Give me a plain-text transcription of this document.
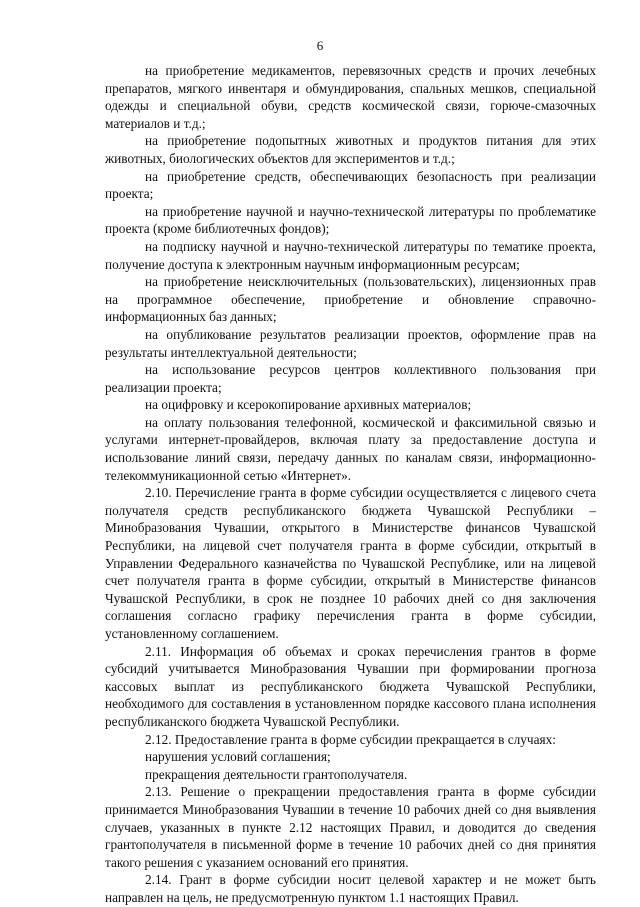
6

на приобретение медикаментов, перевязочных средств и прочих лечебных препаратов, мягкого инвентаря и обмундирования, спальных мешков, специальной одежды и специальной обуви, средств космической связи, горюче-смазочных материалов и т.д.;

на приобретение подопытных животных и продуктов питания для этих животных, биологических объектов для экспериментов и т.д.;

на приобретение средств, обеспечивающих безопасность при реализации проекта;

на приобретение научной и научно-технической литературы по проблематике проекта (кроме библиотечных фондов);

на подписку научной и научно-технической литературы по тематике проекта, получение доступа к электронным научным информационным ресурсам;

на приобретение неисключительных (пользовательских), лицензионных прав на программное обеспечение, приобретение и обновление справочно-информационных баз данных;

на опубликование результатов реализации проектов, оформление прав на результаты интеллектуальной деятельности;

на использование ресурсов центров коллективного пользования при реализации проекта;

на оцифровку и ксерокопирование архивных материалов;

на оплату пользования телефонной, космической и факсимильной связью и услугами интернет-провайдеров, включая плату за предоставление доступа и использование линий связи, передачу данных по каналам связи, информационно-телекоммуникационной сетью «Интернет».

2.10. Перечисление гранта в форме субсидии осуществляется с лицевого счета получателя средств республиканского бюджета Чувашской Республики – Минобразования Чувашии, открытого в Министерстве финансов Чувашской Республики, на лицевой счет получателя гранта в форме субсидии, открытый в Управлении Федерального казначейства по Чувашской Республике, или на лицевой счет получателя гранта в форме субсидии, открытый в Министерстве финансов Чувашской Республики, в срок не позднее 10 рабочих дней со дня заключения соглашения согласно графику перечисления гранта в форме субсидии, установленному соглашением.

2.11. Информация об объемах и сроках перечисления грантов в форме субсидий учитывается Минобразования Чувашии при формировании прогноза кассовых выплат из республиканского бюджета Чувашской Республики, необходимого для составления в установленном порядке кассового плана исполнения республиканского бюджета Чувашской Республики.

2.12. Предоставление гранта в форме субсидии прекращается в случаях:

нарушения условий соглашения;

прекращения деятельности грантополучателя.

2.13. Решение о прекращении предоставления гранта в форме субсидии принимается Минобразования Чувашии в течение 10 рабочих дней со дня выявления случаев, указанных в пункте 2.12 настоящих Правил, и доводится до сведения грантополучателя в письменной форме в течение 10 рабочих дней со дня принятия такого решения с указанием оснований его принятия.

2.14. Грант в форме субсидии носит целевой характер и не может быть направлен на цель, не предусмотренную пунктом 1.1 настоящих Правил.
